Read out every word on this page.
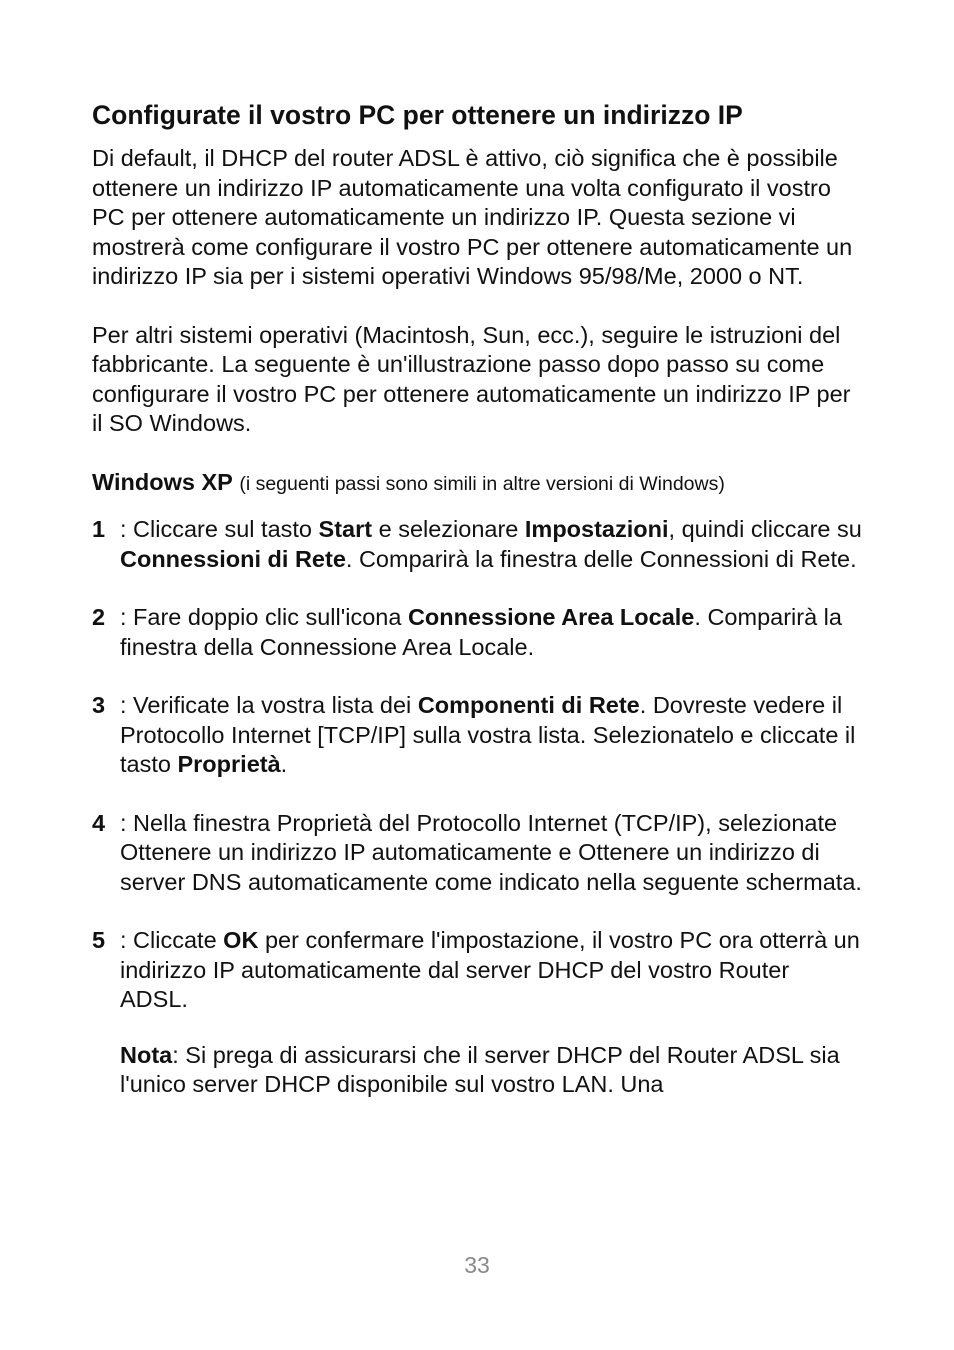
Configurate il vostro PC per ottenere un indirizzo IP

Di default, il DHCP del router ADSL è attivo, ciò significa che è possibile ottenere un indirizzo IP automaticamente una volta configurato il vostro PC per ottenere automaticamente un indirizzo IP. Questa sezione vi mostrerà come configurare il vostro PC per ottenere automaticamente un indirizzo IP sia per i sistemi operativi Windows 95/98/Me, 2000 o NT.

Per altri sistemi operativi (Macintosh, Sun, ecc.), seguire le istruzioni del fabbricante. La seguente è un'illustrazione passo dopo passo su come configurare il vostro PC per ottenere automaticamente un indirizzo IP per il SO Windows.

Windows XP (i seguenti passi sono simili in altre versioni di Windows)

1 : Cliccare sul tasto Start e selezionare Impostazioni, quindi cliccare su Connessioni di Rete. Comparirà la finestra delle Connessioni di Rete.
2 : Fare doppio clic sull'icona Connessione Area Locale. Comparirà la finestra della Connessione Area Locale.
3 : Verificate la vostra lista dei Componenti di Rete. Dovreste vedere il Protocollo Internet [TCP/IP] sulla vostra lista. Selezionatelo e cliccate il tasto Proprietà.
4 : Nella finestra Proprietà del Protocollo Internet (TCP/IP), selezionate Ottenere un indirizzo IP automaticamente e Ottenere un indirizzo di server DNS automaticamente come indicato nella seguente schermata.
5 : Cliccate OK per confermare l'impostazione, il vostro PC ora otterrà un indirizzo IP automaticamente dal server DHCP del vostro Router ADSL.
Nota: Si prega di assicurarsi che il server DHCP del Router ADSL sia l'unico server DHCP disponibile sul vostro LAN. Una
33
